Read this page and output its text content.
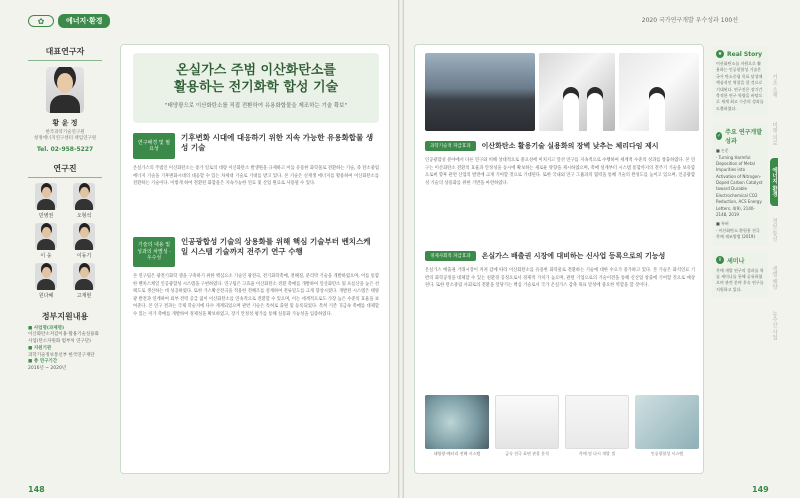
✿	에너지·환경	2020 국가연구개발 우수성과 100선
대표연구자
황 윤 정
한국과학기술연구원
청정에너지연구센터 책임연구원
Tel. 02-958-5227
연구진
민병권	오형석
이 웅	이동기
원다혜	고재현
정부지원내용
■ 사업명(과제명)
이산화탄소저감이용·활용기술실용화사업(탄소자원화 범부처 연구단)
■ 지원기관
과학기술정보통신부 한국연구재단
■ 총 연구기간
2016년 ~ 2020년
온실가스 주범 이산화탄소를
활용하는 전기화학 합성 기술
"태양광으로 이산화탄소를 직접 전환하여 유용화합물을 제조하는 기술 확보"
연구배경 및 필요성
기후변화 시대에 대응하기 위한 지속 가능한 유용화합물 생성 기술
온실가스의 주범인 이산화탄소는 증가 일로의 대량 이산화탄소 발생원을 규제하고 이를 유용한 화학물로 전환하는 기술, 즉 탄소중립 에너지 기술을 기후변화시대의 대응할 수 있는 차세대 기술로 기대를 받고 있다. 본 기술은 신재생 에너지를 활용하여 이산화탄소를 전환하는 기술이다. 이렇게 하여 전환된 화합물은 지속가능한 연료 및 산업 원료로 사용될 수 있다.
기술의 내용 및 성과의 차별성 · 우수성
인공광합성 기술의 상용화를 위해 핵심 기술부터 벤치스케일 시스템 기술까지 전주기 연구 수행
본 연구팀은 광전기화학 셀을 구축하기 위한 핵심요소 기술인 광전극, 전기화학촉매, 전해질, 분리막 기술을 개발하였으며, 이를 통합한 벤치스케일 인공광합성 시스템을 구현하였다. 연구팀은 고효율 이산화탄소 전환 촉매를 개발하여 일산화탄소 및 포름산을 높은 선택도로 생산하는 데 성공하였다. 또한 가스확산전극을 적용한 전해조를 설계하여 전류밀도를 크게 향상시켰다. 개발된 시스템은 태양광 발전과 연계하여 외부 전력 공급 없이 이산화탄소를 연속적으로 전환할 수 있으며, 이는 세계적으로도 가장 높은 수준의 효율을 보여준다. 본 연구 결과는 국제 학술지에 다수 게재되었으며 관련 기술은 특허로 출원 및 등록되었다. 특히 기존 귀금속 촉매를 대체할 수 있는 저가 촉매를 개발하여 경제성을 확보하였고, 장기 안정성 평가를 통해 실용화 가능성을 입증하였다.
148
과학기술적 파급효과	이산화탄소 활용기술 실용화의 장벽 낮추는 체리다임 제시
인공광합성 분야에서 다른 연구와 비해 상대적으로 중요성에 미치지고 앞선 연구를 지속적으로 수행하여 세계적 수준의 성과를 창출하였다. 본 연구는 이산화탄소 전환의 효율과 안정성을 동시에 확보하는 새로운 방향을 제시하였으며, 촉매 설계부터 시스템 통합까지의 전주기 기술을 보유함으로써 향후 관련 산업의 발전에 크게 기여할 것으로 기대된다. 또한 국내외 연구 그룹과의 협력을 통해 기술의 완성도를 높이고 있으며, 인공광합성 기술의 상용화를 위한 기반을 마련하였다.
경제사회적 파급효과	온실가스 배출권 시장에 대비하는 신사업 등록으로의 기능성
온실가스 배출권 거래시장이 커져 감에 따라 이산화탄소를 유용한 화학물로 전환하는 기술에 대한 수요가 증가하고 있다. 본 기술은 화석연료 기반의 화학공정을 대체할 수 있는 친환경 공정으로서 경제적 가치가 높으며, 관련 기업으로의 기술이전을 통해 신산업 창출에 기여할 것으로 예상된다. 또한 탄소중립 사회로의 전환을 앞당기는 핵심 기술로서 국가 온실가스 감축 목표 달성에 중요한 역할을 할 것이다.
태양광-배터리 전해 시스템	금속 전극 표면 관찰 분석	촉매 및 다시 개발 셀	인공광합성 시스템
★ Real Story
이산화탄소를 자원으로 활용하는 인공광합성 기술은 국가 탄소중립 목표 달성에 핵심적인 역할을 할 것으로 기대된다. 연구진은 장기간 축적한 연구 역량을 바탕으로 세계 최고 수준의 성과를 도출하였다.
✓ 주요 연구개발 성과
■ 논문
· Turning Harmful Deposition of Metal Impurities into Activation of Nitrogen-Doped Carbon Catalyst toward Durable Electrochemical CO2 Reduction, ACS Energy Letters, 4(9), 2140-2148, 2019
■ 특허
· 이산화탄소 환원용 전극 촉매 제조방법 (2019)
i	세미나
촉매 개발 연구의 성과를 학술 세미나를 통해 공유하였으며 관련 분야 후속 연구를 지원하고 있다.
기초 소재
미래 의료
에너지 환경
정보 통신
생명 해양
농수산 사업
149
